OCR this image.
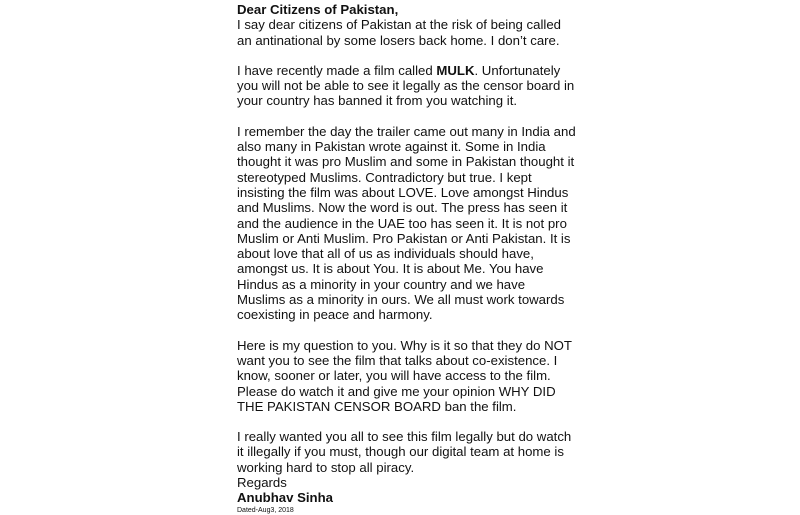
Dear Citizens of Pakistan,

I say dear citizens of Pakistan at the risk of being called an antinational by some losers back home. I don’t care.

I have recently made a film called MULK. Unfortunately you will not be able to see it legally as the censor board in your country has banned it from you watching it.

I remember the day the trailer came out many in India and also many in Pakistan wrote against it. Some in India thought it was pro Muslim and some in Pakistan thought it stereotyped Muslims. Contradictory but true. I kept insisting the film was about LOVE. Love amongst Hindus and Muslims. Now the word is out. The press has seen it and the audience in the UAE too has seen it. It is not pro Muslim or Anti Muslim. Pro Pakistan or Anti Pakistan. It is about love that all of us as individuals should have, amongst us. It is about You. It is about Me. You have Hindus as a minority in your country and we have Muslims as a minority in ours. We all must work towards coexisting in peace and harmony.

Here is my question to you. Why is it so that they do NOT want you to see the film that talks about co-existence. I know, sooner or later, you will have access to the film. Please do watch it and give me your opinion WHY DID THE PAKISTAN CENSOR BOARD ban the film.

I really wanted you all to see this film legally but do watch it illegally if you must, though our digital team at home is working hard to stop all piracy.

Regards
Anubhav Sinha
Dated-Aug3, 2018
